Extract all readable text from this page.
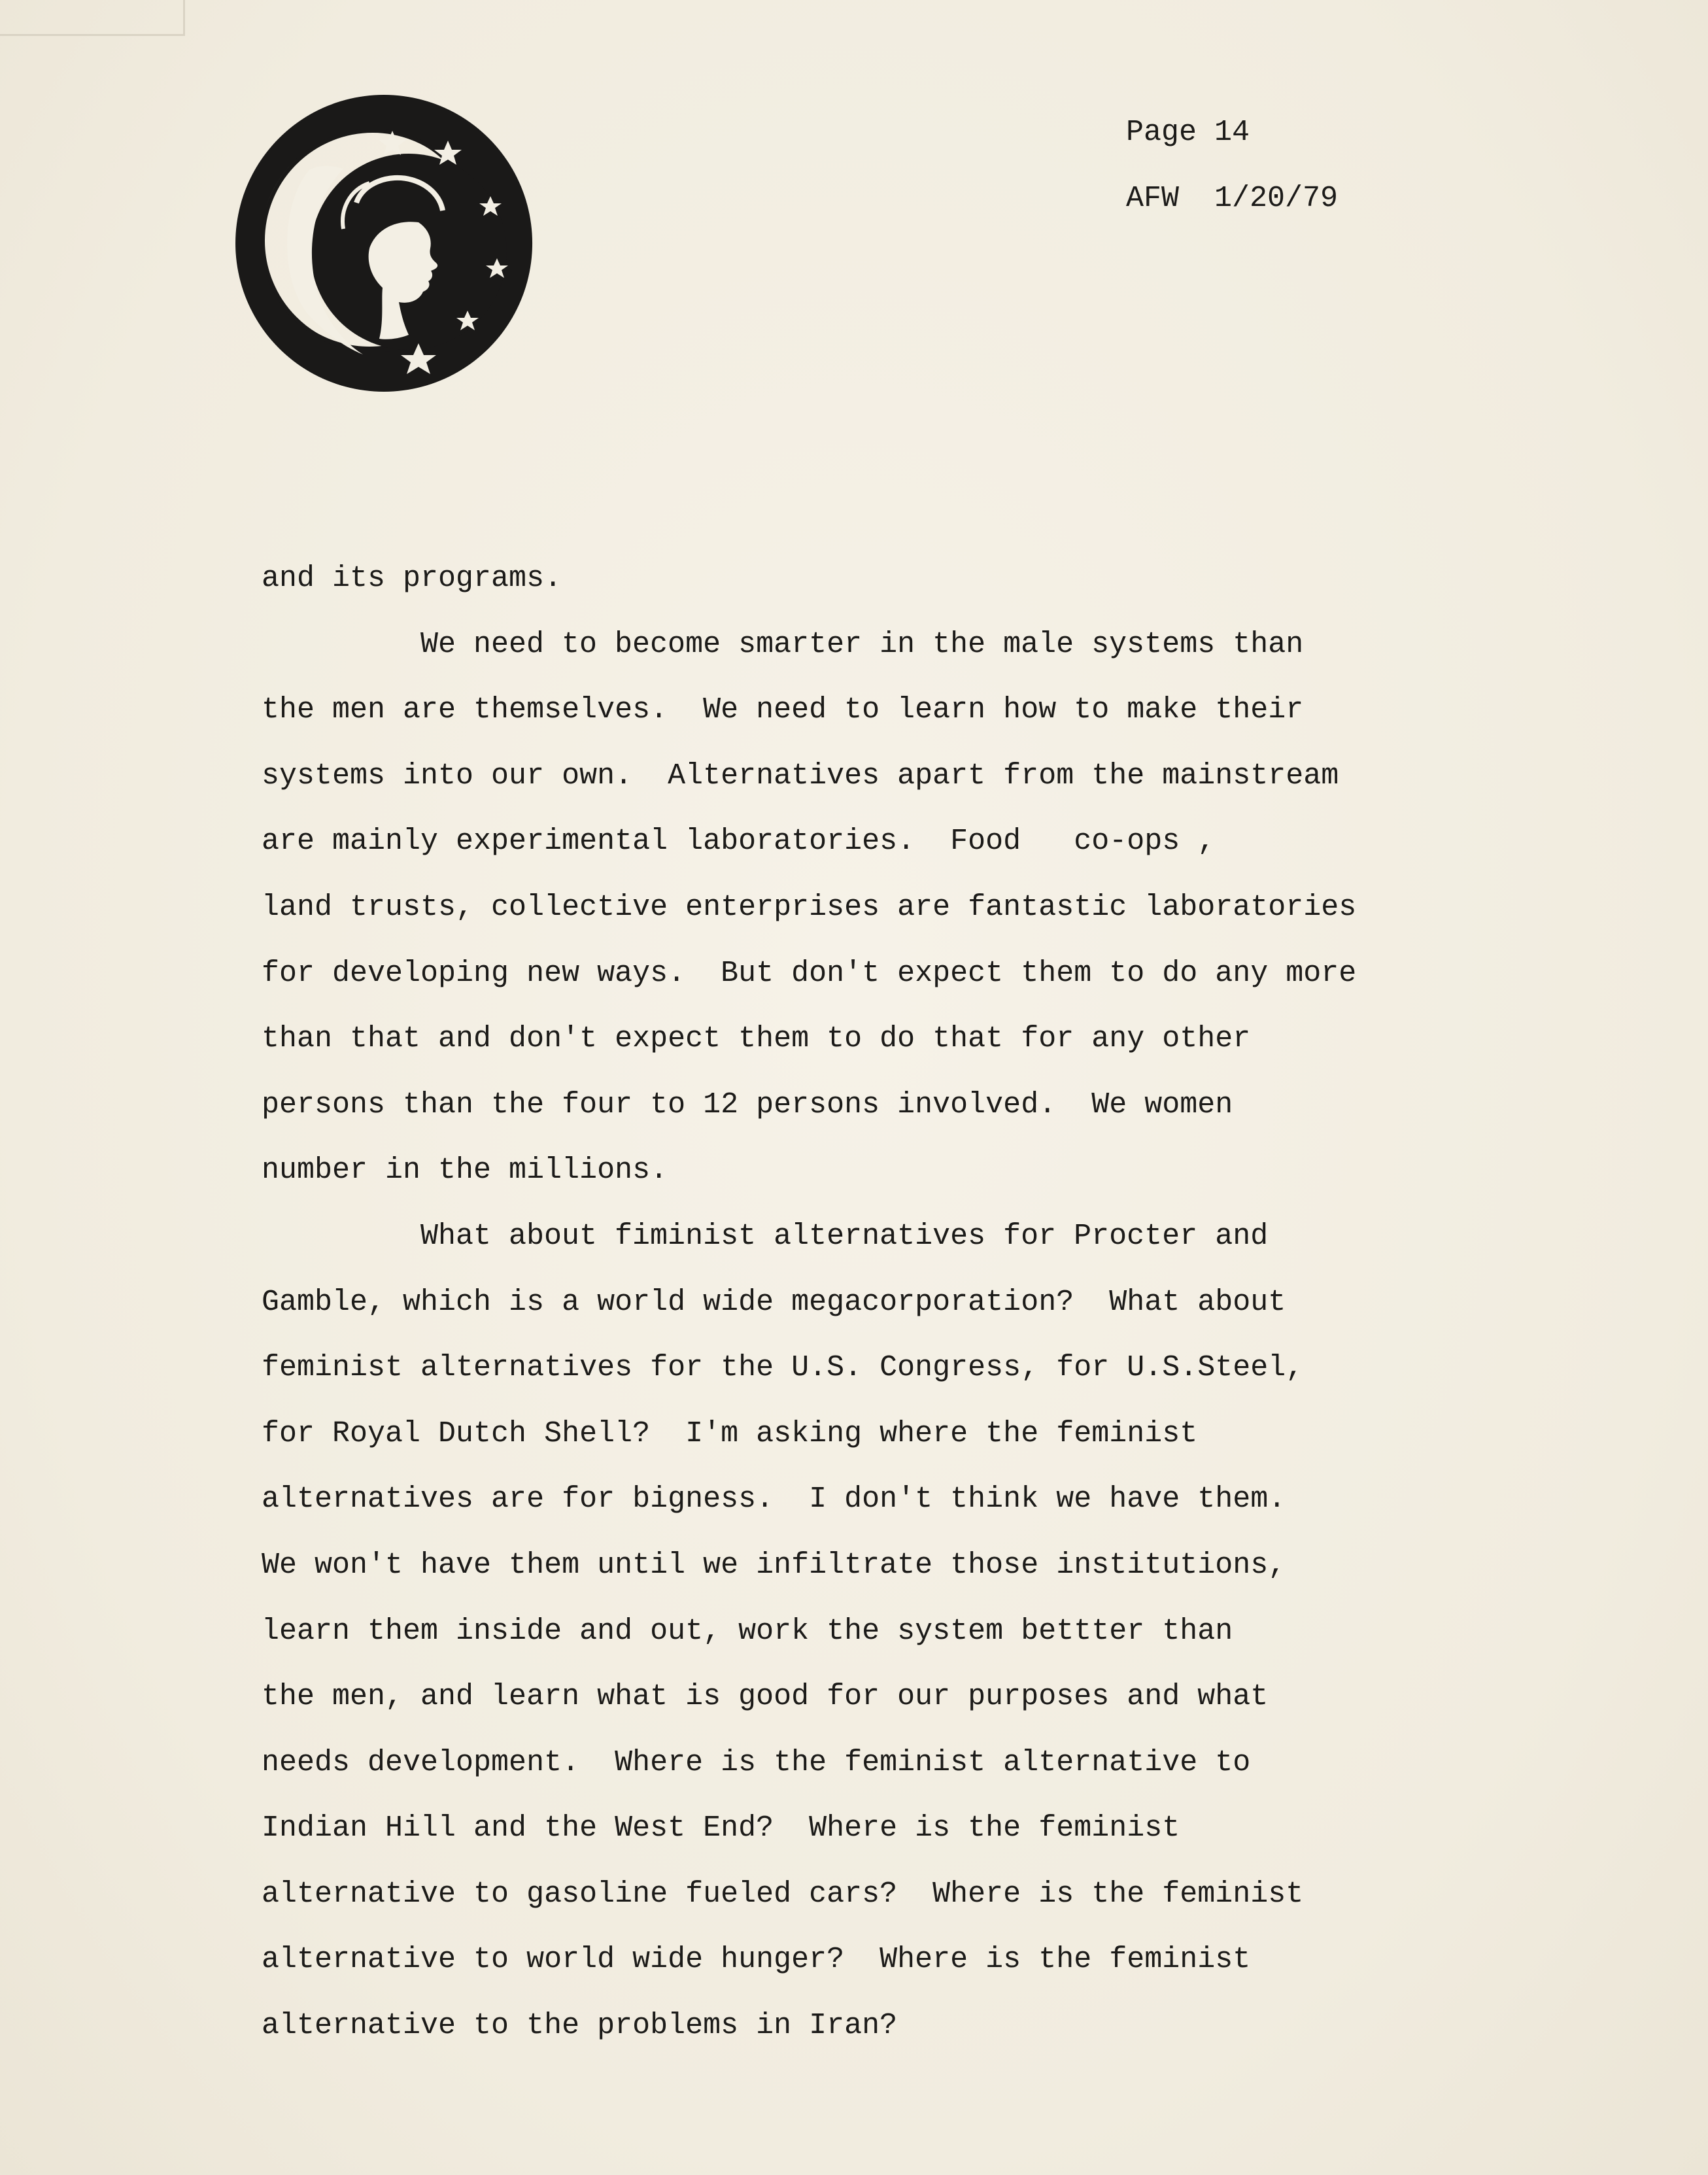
Page 14
AFW  1/20/79
and its programs.
We need to become smarter in the male systems than
the men are themselves.  We need to learn how to make their
systems into our own.  Alternatives apart from the mainstream
are mainly experimental laboratories.  Food   co-ops ,
land trusts, collective enterprises are fantastic laboratories
for developing new ways.  But don't expect them to do any more
than that and don't expect them to do that for any other
persons than the four to 12 persons involved.  We women
number in the millions.
What about fiminist alternatives for Procter and
Gamble, which is a world wide megacorporation?  What about
feminist alternatives for the U.S. Congress, for U.S.Steel,
for Royal Dutch Shell?  I'm asking where the feminist
alternatives are for bigness.  I don't think we have them.
We won't have them until we infiltrate those institutions,
learn them inside and out, work the system bettter than
the men, and learn what is good for our purposes and what
needs development.  Where is the feminist alternative to
Indian Hill and the West End?  Where is the feminist
alternative to gasoline fueled cars?  Where is the feminist
alternative to world wide hunger?  Where is the feminist
alternative to the problems in Iran?
